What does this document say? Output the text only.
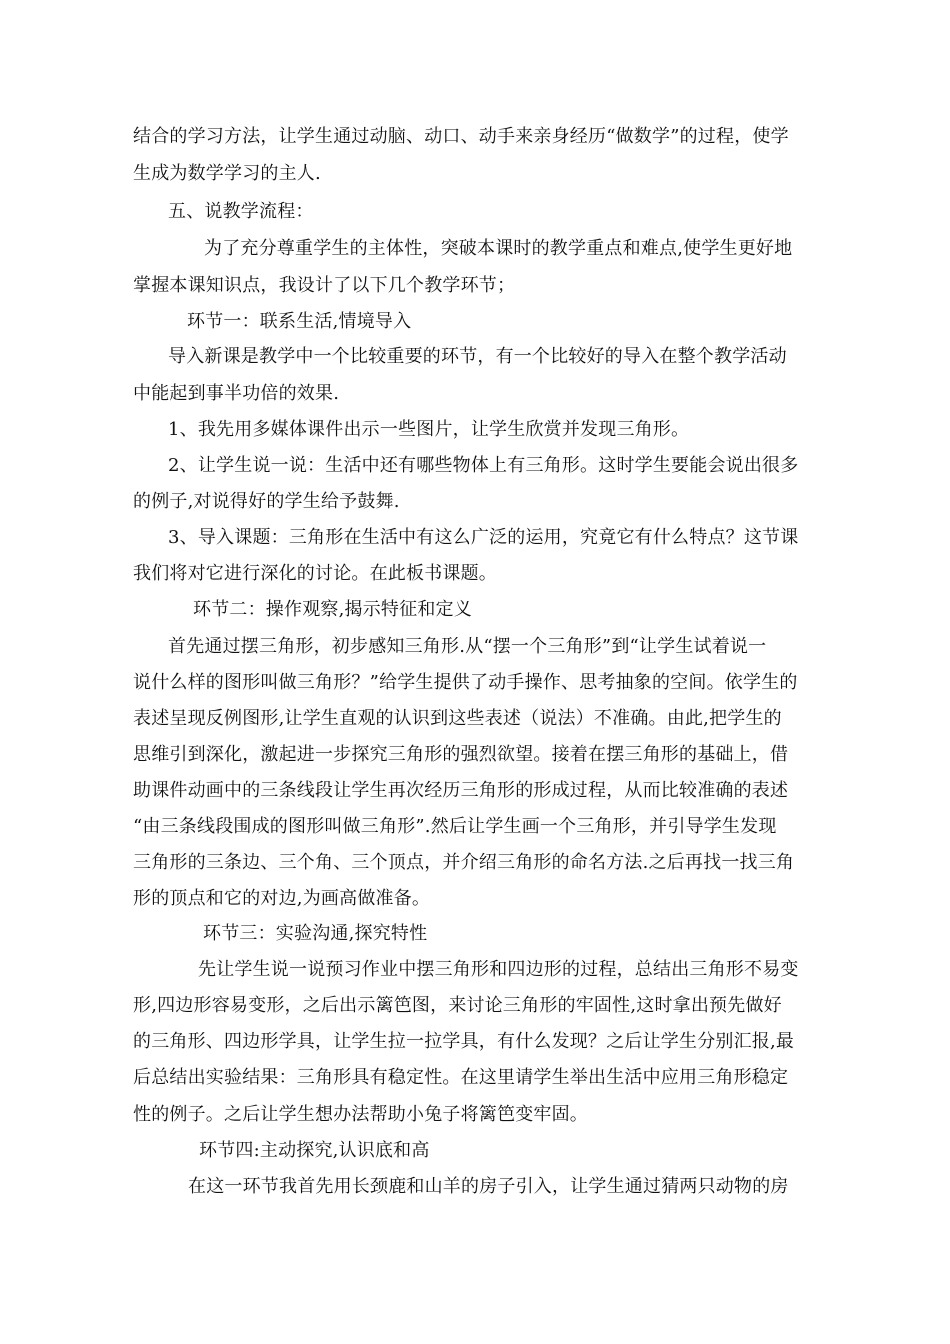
结合的学习方法，让学生通过动脑、动口、动手来亲身经历“做数学”的过程，使学
生成为数学学习的主人.
五、说教学流程：
为了充分尊重学生的主体性，突破本课时的教学重点和难点,使学生更好地
掌握本课知识点，我设计了以下几个教学环节；
环节一：联系生活,情境导入
导入新课是教学中一个比较重要的环节，有一个比较好的导入在整个教学活动
中能起到事半功倍的效果.
1、我先用多媒体课件出示一些图片，让学生欣赏并发现三角形。
2、让学生说一说：生活中还有哪些物体上有三角形。这时学生要能会说出很多
的例子,对说得好的学生给予鼓舞.
3、导入课题：三角形在生活中有这么广泛的运用，究竟它有什么特点？这节课
我们将对它进行深化的讨论。在此板书课题。
环节二：操作观察,揭示特征和定义
首先通过摆三角形，初步感知三角形.从“摆一个三角形”到“让学生试着说一
说什么样的图形叫做三角形？”给学生提供了动手操作、思考抽象的空间。依学生的
表述呈现反例图形,让学生直观的认识到这些表述（说法）不准确。由此,把学生的
思维引到深化，激起进一步探究三角形的强烈欲望。接着在摆三角形的基础上，借
助课件动画中的三条线段让学生再次经历三角形的形成过程，从而比较准确的表述
“由三条线段围成的图形叫做三角形”.然后让学生画一个三角形，并引导学生发现
三角形的三条边、三个角、三个顶点，并介绍三角形的命名方法.之后再找一找三角
形的顶点和它的对边,为画高做准备。
环节三：实验沟通,探究特性
先让学生说一说预习作业中摆三角形和四边形的过程，总结出三角形不易变
形,四边形容易变形，之后出示篱笆图，来讨论三角形的牢固性,这时拿出预先做好
的三角形、四边形学具，让学生拉一拉学具，有什么发现？之后让学生分别汇报,最
后总结出实验结果：三角形具有稳定性。在这里请学生举出生活中应用三角形稳定
性的例子。之后让学生想办法帮助小兔子将篱笆变牢固。
环节四:主动探究,认识底和高
在这一环节我首先用长颈鹿和山羊的房子引入，让学生通过猜两只动物的房
